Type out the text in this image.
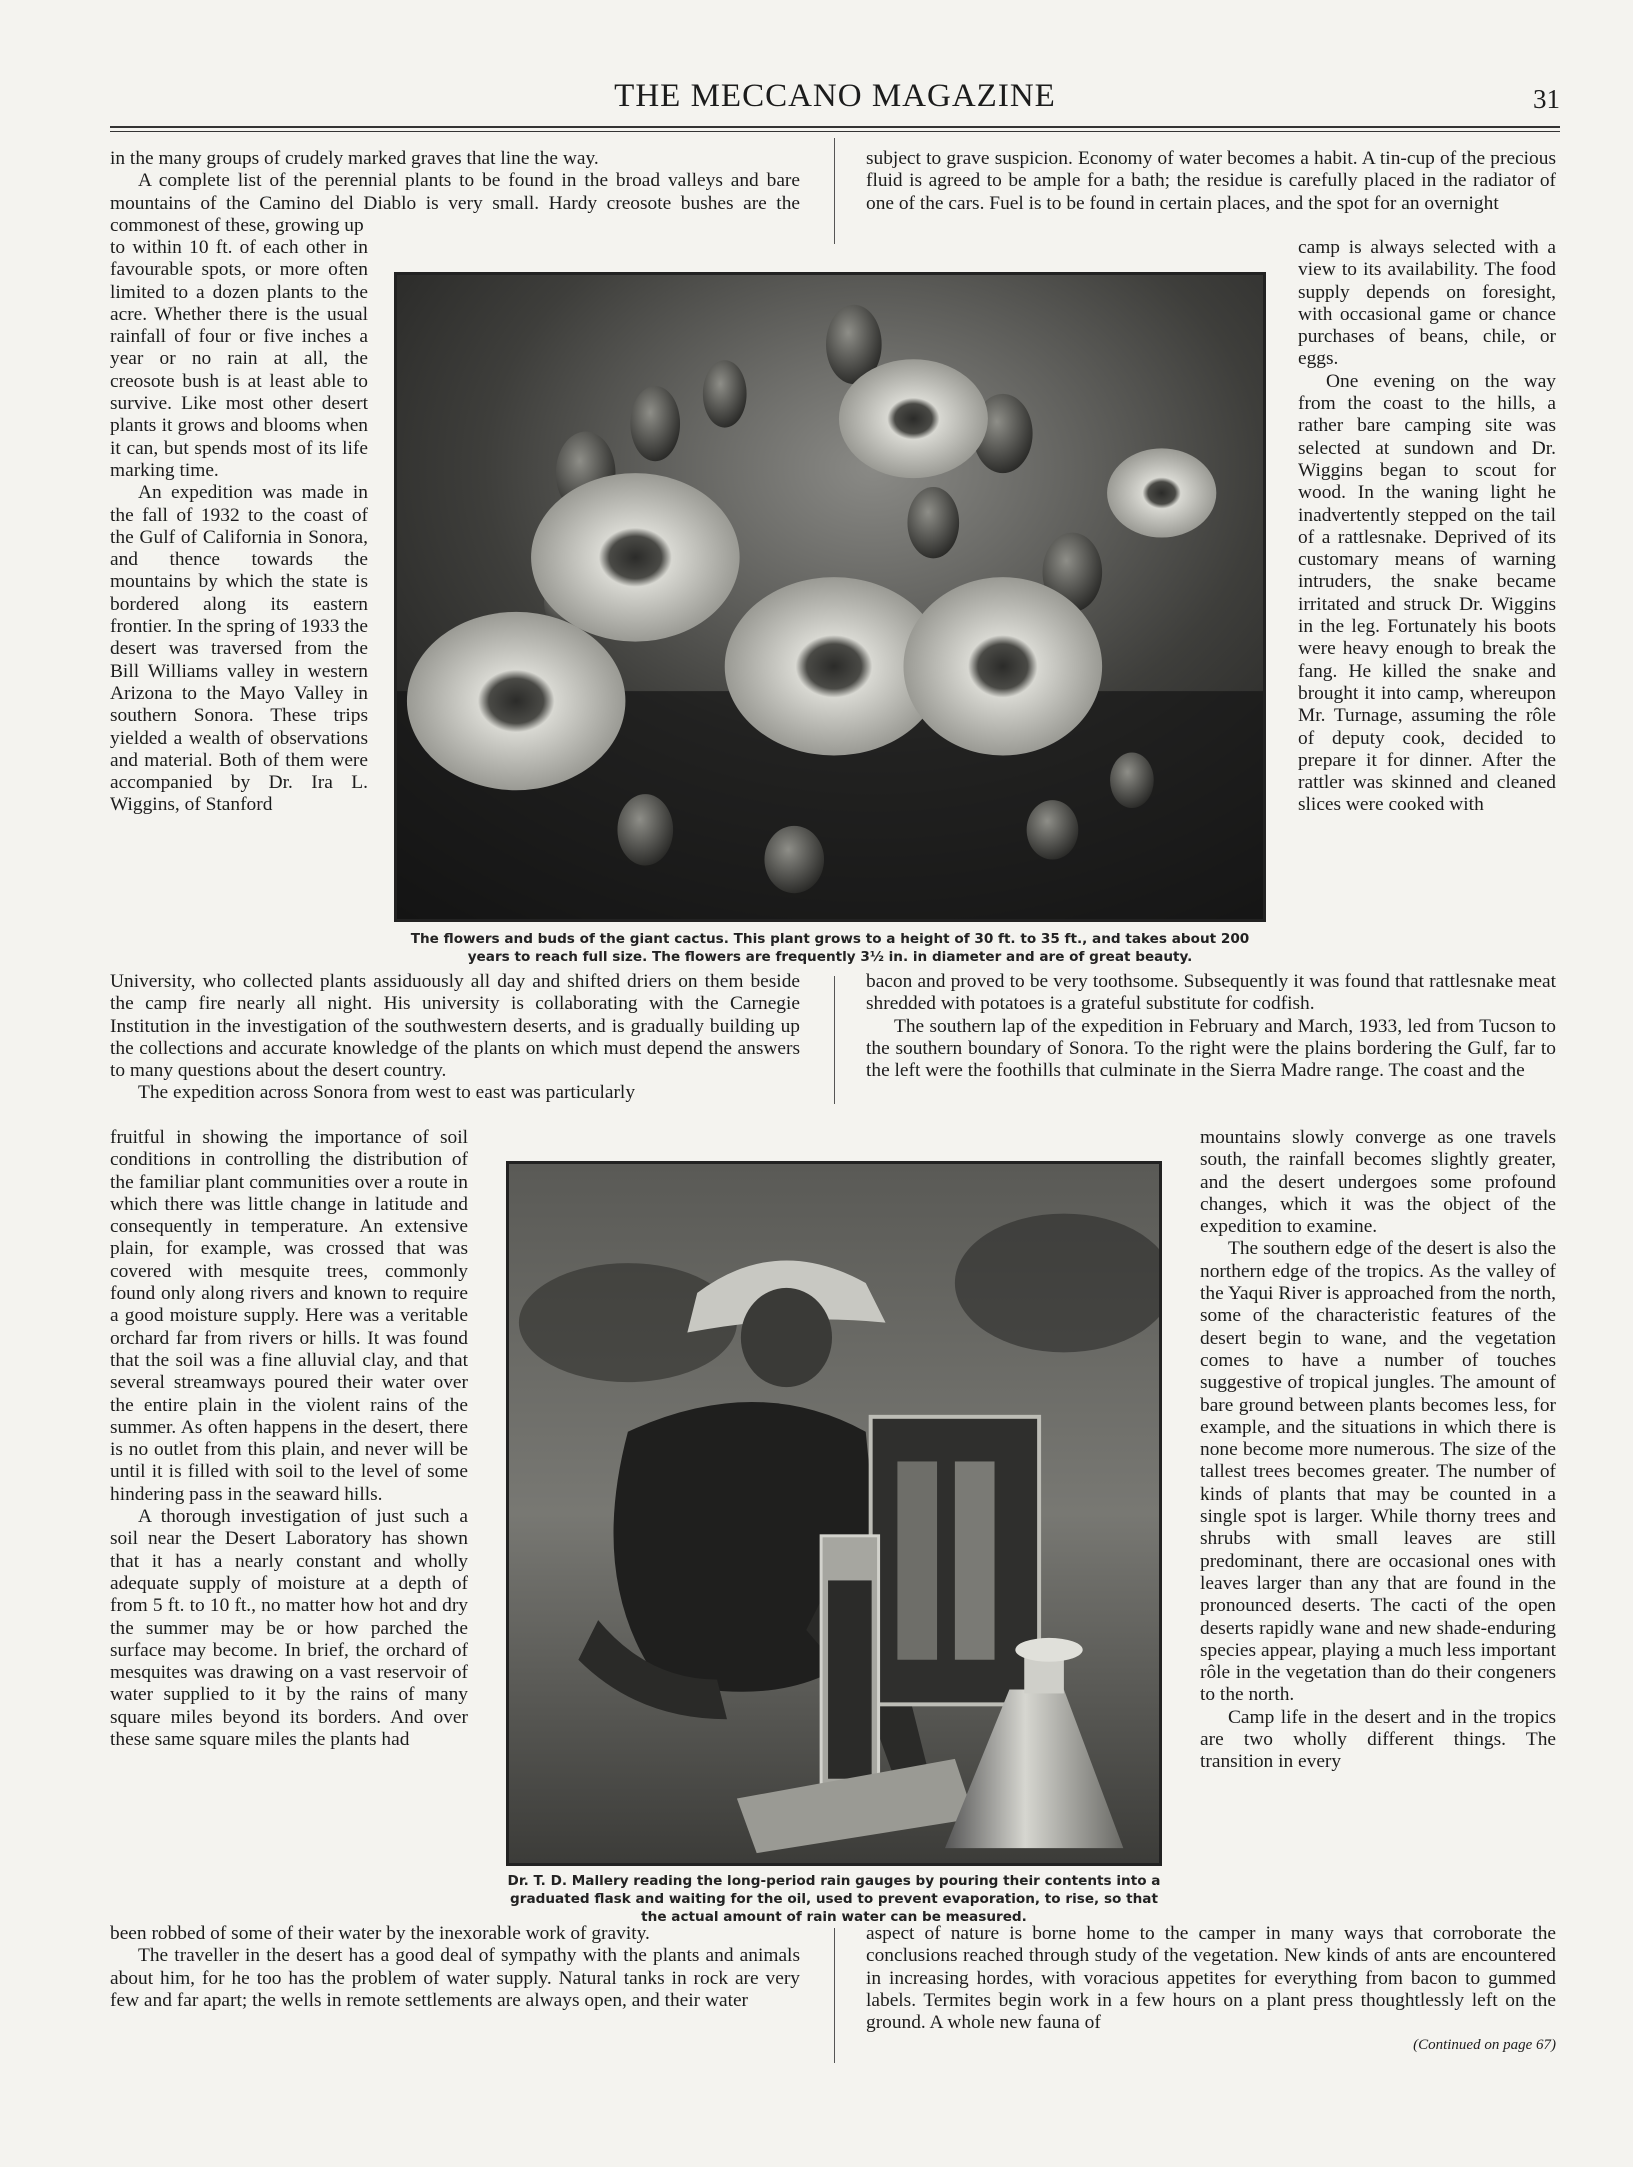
THE MECCANO MAGAZINE	31

in the many groups of crudely marked graves that line the way.

A complete list of the perennial plants to be found in the broad valleys and bare mountains of the Camino del Diablo is very small. Hardy creosote bushes are the commonest of these, growing up

to within 10 ft. of each other in favourable spots, or more often limited to a dozen plants to the acre. Whether there is the usual rainfall of four or five inches a year or no rain at all, the creosote bush is at least able to survive. Like most other desert plants it grows and blooms when it can, but spends most of its life marking time.

An expedition was made in the fall of 1932 to the coast of the Gulf of California in Sonora, and thence towards the mountains by which the state is bordered along its eastern frontier. In the spring of 1933 the desert was traversed from the Bill Williams valley in western Arizona to the Mayo Valley in southern Sonora. These trips yielded a wealth of observations and material. Both of them were accompanied by Dr. Ira L. Wiggins, of Stanford

University, who collected plants assiduously all day and shifted driers on them beside the camp fire nearly all night. His university is collaborating with the Carnegie Institution in the investigation of the southwestern deserts, and is gradually building up the collections and accurate knowledge of the plants on which must depend the answers to many questions about the desert country.

The expedition across Sonora from west to east was particularly

fruitful in showing the importance of soil conditions in controlling the distribution of the familiar plant communities over a route in which there was little change in latitude and consequently in temperature. An extensive plain, for example, was crossed that was covered with mesquite trees, commonly found only along rivers and known to require a good moisture supply. Here was a veritable orchard far from rivers or hills. It was found that the soil was a fine alluvial clay, and that several streamways poured their water over the entire plain in the violent rains of the summer. As often happens in the desert, there is no outlet from this plain, and never will be until it is filled with soil to the level of some hindering pass in the seaward hills.

A thorough investigation of just such a soil near the Desert Laboratory has shown that it has a nearly constant and wholly adequate supply of moisture at a depth of from 5 ft. to 10 ft., no matter how hot and dry the summer may be or how parched the surface may become. In brief, the orchard of mesquites was drawing on a vast reservoir of water supplied to it by the rains of many square miles beyond its borders. And over these same square miles the plants had

been robbed of some of their water by the inexorable work of gravity.

The traveller in the desert has a good deal of sympathy with the plants and animals about him, for he too has the problem of water supply. Natural tanks in rock are very few and far apart; the wells in remote settlements are always open, and their water

subject to grave suspicion. Economy of water becomes a habit. A tin-cup of the precious fluid is agreed to be ample for a bath; the residue is carefully placed in the radiator of one of the cars. Fuel is to be found in certain places, and the spot for an overnight

camp is always selected with a view to its availability. The food supply depends on foresight, with occasional game or chance purchases of beans, chile, or eggs.

One evening on the way from the coast to the hills, a rather bare camping site was selected at sundown and Dr. Wiggins began to scout for wood. In the waning light he inadvertently stepped on the tail of a rattlesnake. Deprived of its customary means of warning intruders, the snake became irritated and struck Dr. Wiggins in the leg. Fortunately his boots were heavy enough to break the fang. He killed the snake and brought it into camp, whereupon Mr. Turnage, assuming the rôle of deputy cook, decided to prepare it for dinner. After the rattler was skinned and cleaned slices were cooked with

bacon and proved to be very toothsome. Subsequently it was found that rattlesnake meat shredded with potatoes is a grateful substitute for codfish.

The southern lap of the expedition in February and March, 1933, led from Tucson to the southern boundary of Sonora. To the right were the plains bordering the Gulf, far to the left were the foothills that culminate in the Sierra Madre range. The coast and the

mountains slowly converge as one travels south, the rainfall becomes slightly greater, and the desert undergoes some profound changes, which it was the object of the expedition to examine.

The southern edge of the desert is also the northern edge of the tropics. As the valley of the Yaqui River is approached from the north, some of the characteristic features of the desert begin to wane, and the vegetation comes to have a number of touches suggestive of tropical jungles. The amount of bare ground between plants becomes less, for example, and the situations in which there is none become more numerous. The size of the tallest trees becomes greater. The number of kinds of plants that may be counted in a single spot is larger. While thorny trees and shrubs with small leaves are still predominant, there are occasional ones with leaves larger than any that are found in the pronounced deserts. The cacti of the open deserts rapidly wane and new shade-enduring species appear, playing a much less important rôle in the vegetation than do their congeners to the north.

Camp life in the desert and in the tropics are two wholly different things. The transition in every

aspect of nature is borne home to the camper in many ways that corroborate the conclusions reached through study of the vegetation. New kinds of ants are encountered in increasing hordes, with voracious appetites for everything from bacon to gummed labels. Termites begin work in a few hours on a plant press thoughtlessly left on the ground. A whole new fauna of

(Continued on page 67)
The flowers and buds of the giant cactus. This plant grows to a height of 30 ft. to 35 ft., and takes about 200 years to reach full size. The flowers are frequently 3½ in. in diameter and are of great beauty.
Dr. T. D. Mallery reading the long-period rain gauges by pouring their contents into a graduated flask and waiting for the oil, used to prevent evaporation, to rise, so that the actual amount of rain water can be measured.
